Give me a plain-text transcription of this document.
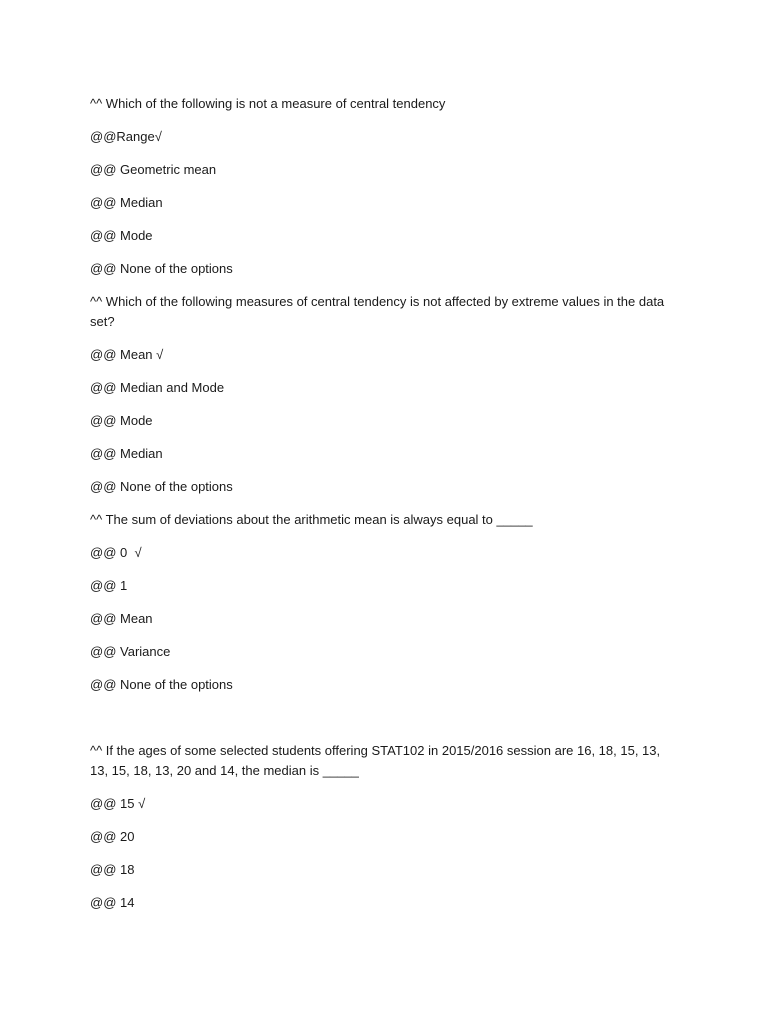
^^ Which of the following is not a measure of central tendency

@@Range√

@@ Geometric mean

@@ Median

@@ Mode

@@ None of the options

^^ Which of the following measures of central tendency is not affected by extreme values in the data set?

@@ Mean √

@@ Median and Mode

@@ Mode

@@ Median

@@ None of the options

^^ The sum of deviations about the arithmetic mean is always equal to _____

@@ 0  √

@@ 1

@@ Mean

@@ Variance

@@ None of the options

^^ If the ages of some selected students offering STAT102 in 2015/2016 session are 16, 18, 15, 13, 13, 15, 18, 13, 20 and 14, the median is _____

@@ 15 √

@@ 20

@@ 18

@@ 14
